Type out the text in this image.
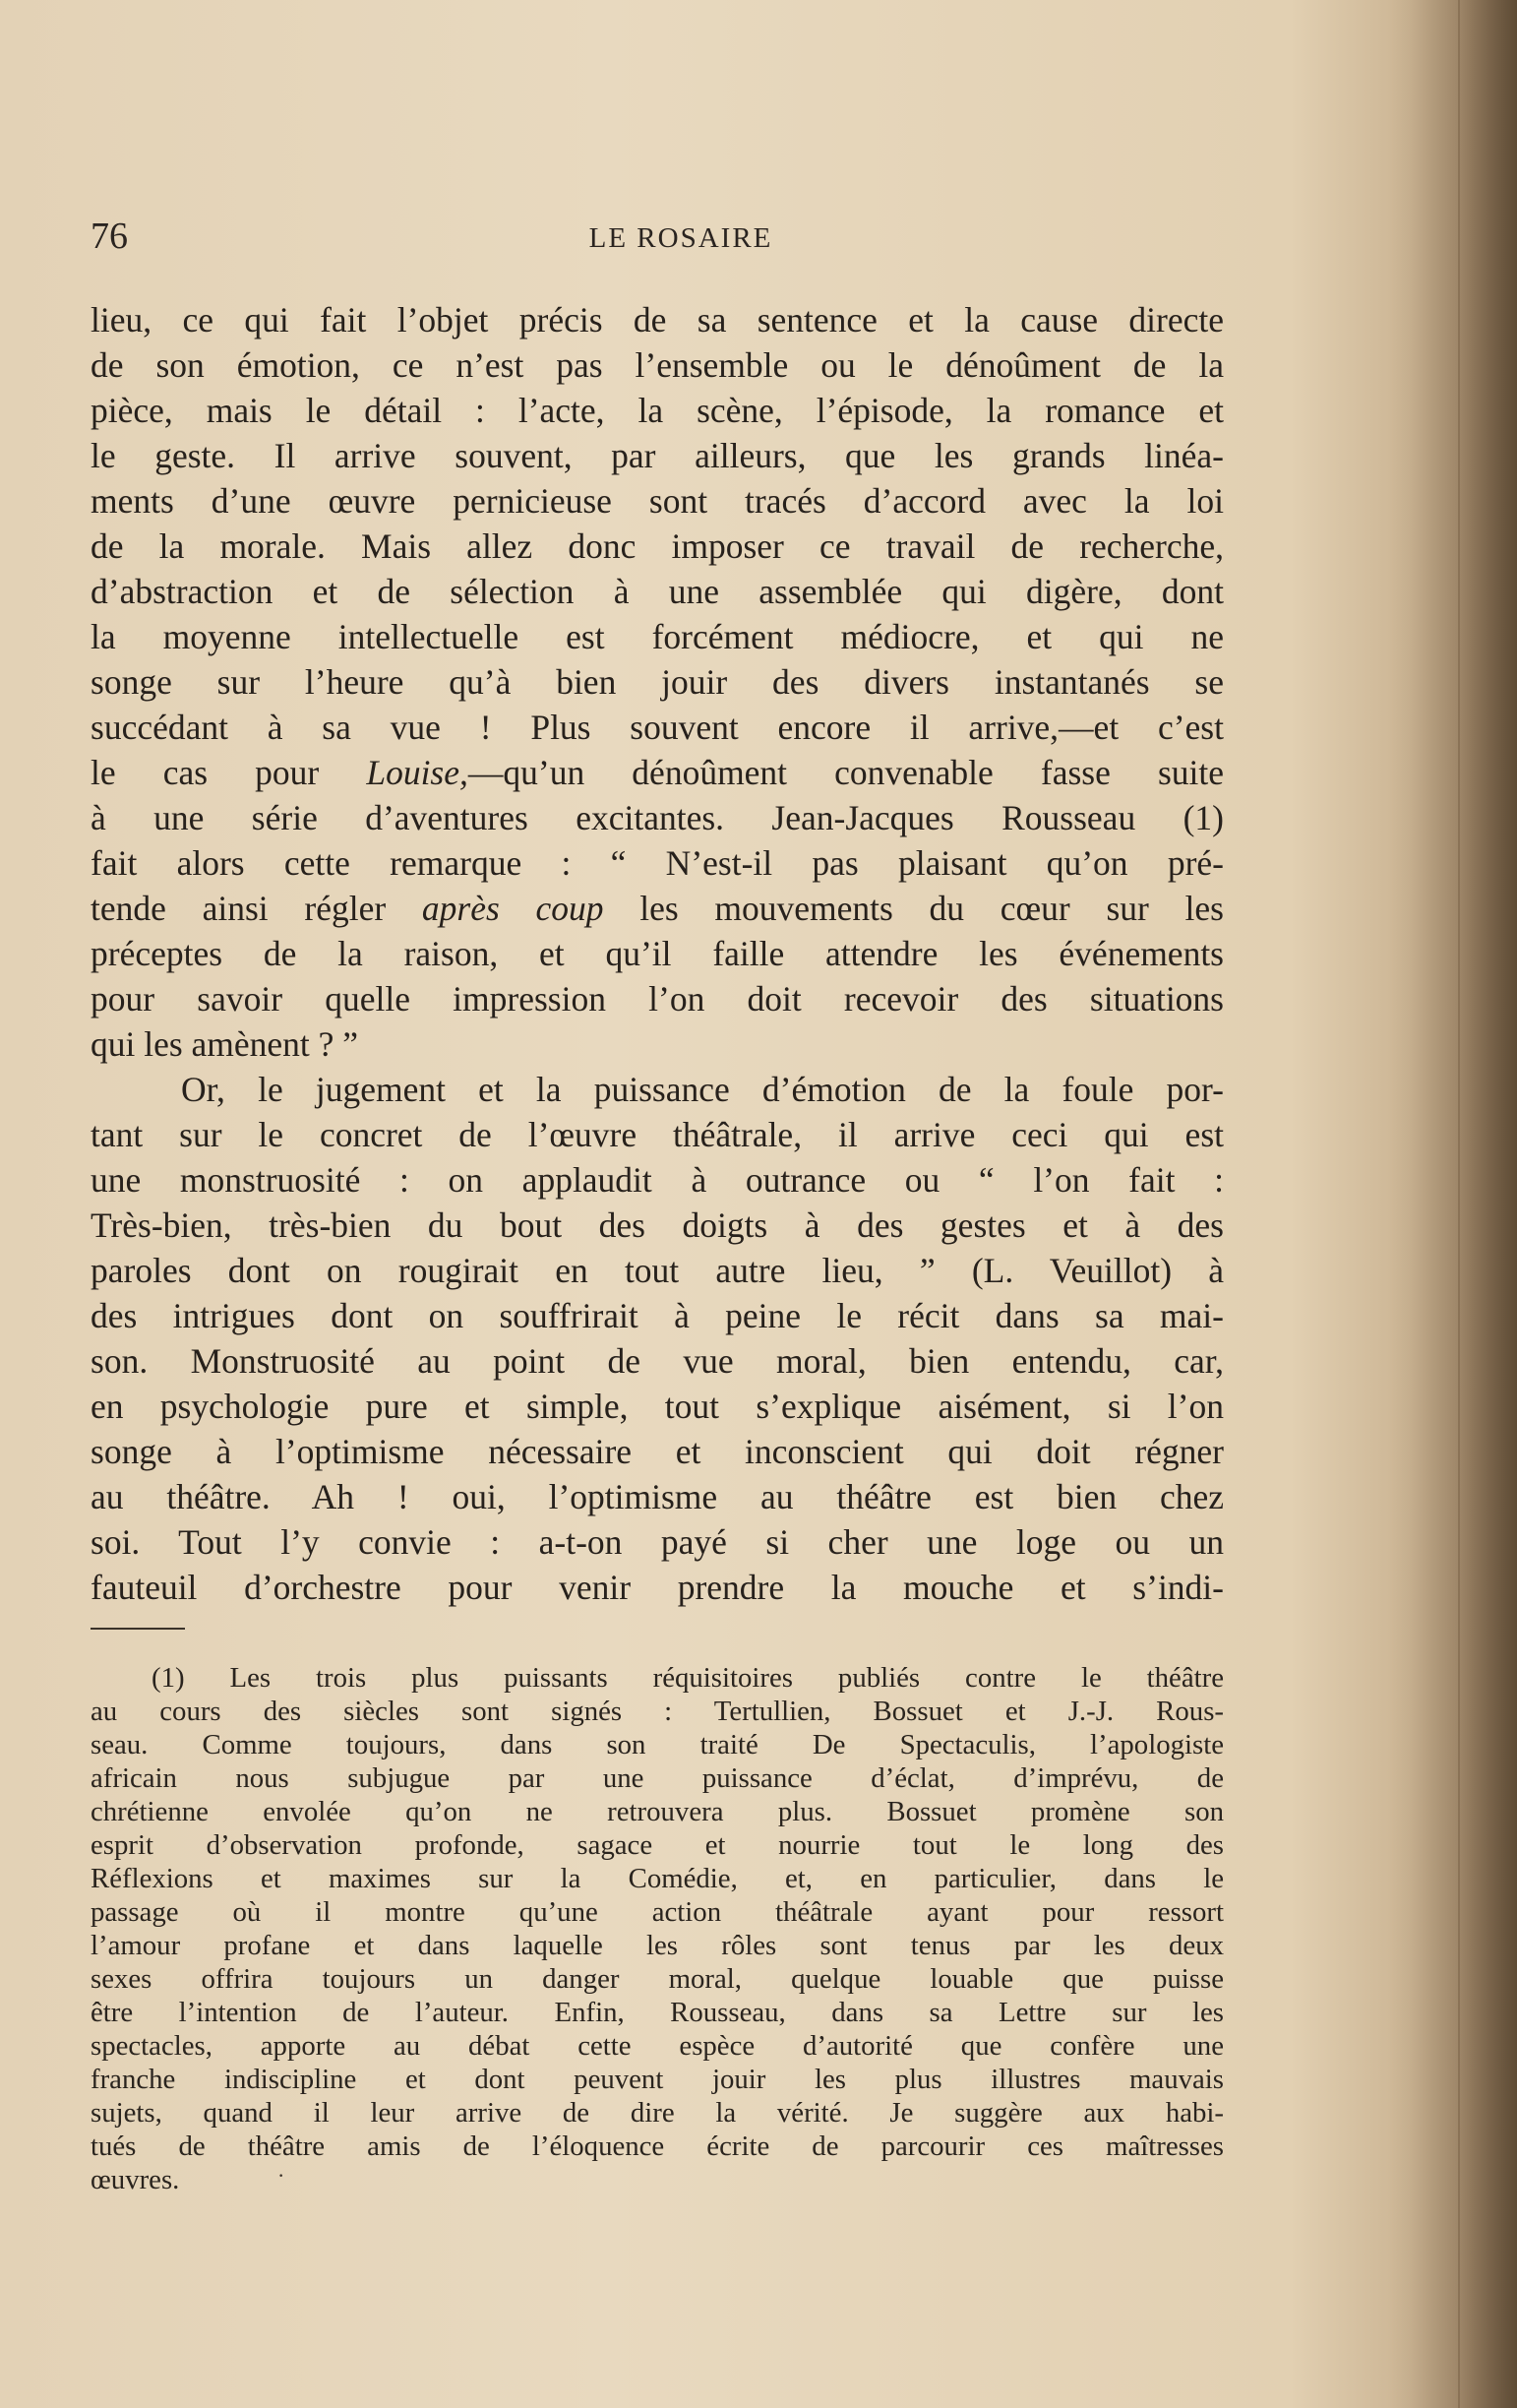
76	LE ROSAIRE
lieu, ce qui fait l’objet précis de sa sentence et la cause directe
de son émotion, ce n’est pas l’ensemble ou le dénoûment de la
pièce, mais le détail : l’acte, la scène, l’épisode, la romance et
le geste. Il arrive souvent, par ailleurs, que les grands linéa-
ments d’une œuvre pernicieuse sont tracés d’accord avec la loi
de la morale. Mais allez donc imposer ce travail de recherche,
d’abstraction et de sélection à une assemblée qui digère, dont
la moyenne intellectuelle est forcément médiocre, et qui ne
songe sur l’heure qu’à bien jouir des divers instantanés se
succédant à sa vue ! Plus souvent encore il arrive,—et c’est
le cas pour Louise,—qu’un dénoûment convenable fasse suite
à une série d’aventures excitantes. Jean-Jacques Rousseau (1)
fait alors cette remarque : “ N’est-il pas plaisant qu’on pré-
tende ainsi régler après coup les mouvements du cœur sur les
préceptes de la raison, et qu’il faille attendre les événements
pour savoir quelle impression l’on doit recevoir des situations
qui les amènent ? ”
Or, le jugement et la puissance d’émotion de la foule por-
tant sur le concret de l’œuvre théâtrale, il arrive ceci qui est
une monstruosité : on applaudit à outrance ou “ l’on fait :
Très-bien, très-bien du bout des doigts à des gestes et à des
paroles dont on rougirait en tout autre lieu, ” (L. Veuillot) à
des intrigues dont on souffrirait à peine le récit dans sa mai-
son. Monstruosité au point de vue moral, bien entendu, car,
en psychologie pure et simple, tout s’explique aisément, si l’on
songe à l’optimisme nécessaire et inconscient qui doit régner
au théâtre. Ah ! oui, l’optimisme au théâtre est bien chez
soi. Tout l’y convie : a-t-on payé si cher une loge ou un
fauteuil d’orchestre pour venir prendre la mouche et s’indi-
(1) Les trois plus puissants réquisitoires publiés contre le théâtre
au cours des siècles sont signés : Tertullien, Bossuet et J.-J. Rous-
seau. Comme toujours, dans son traité De Spectaculis, l’apologiste
africain nous subjugue par une puissance d’éclat, d’imprévu, de
chrétienne envolée qu’on ne retrouvera plus. Bossuet promène son
esprit d’observation profonde, sagace et nourrie tout le long des
Réflexions et maximes sur la Comédie, et, en particulier, dans le
passage où il montre qu’une action théâtrale ayant pour ressort
l’amour profane et dans laquelle les rôles sont tenus par les deux
sexes offrira toujours un danger moral, quelque louable que puisse
être l’intention de l’auteur. Enfin, Rousseau, dans sa Lettre sur les
spectacles, apporte au débat cette espèce d’autorité que confère une
franche indiscipline et dont peuvent jouir les plus illustres mauvais
sujets, quand il leur arrive de dire la vérité. Je suggère aux habi-
tués de théâtre amis de l’éloquence écrite de parcourir ces maîtresses
œuvres.	·
